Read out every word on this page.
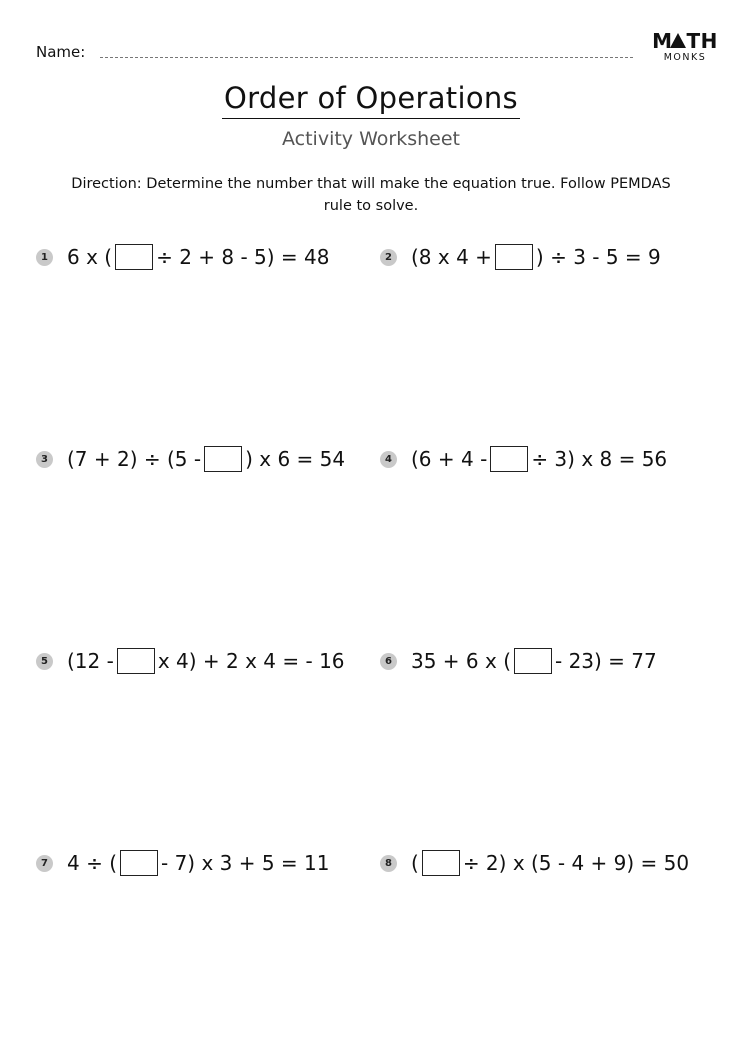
Name:	M TH
MONKS
Order of Operations
Activity Worksheet
Direction: Determine the number that will make the equation true. Follow PEMDAS rule to solve.
1 6 x ( ÷ 2 + 8 - 5) = 48	2 (8 x 4 + ) ÷ 3 - 5 = 9
3 (7 + 2) ÷ (5 - ) x 6 = 54	4 (6 + 4 - ÷ 3) x 8 = 56
5 (12 - x 4) + 2 x 4 = - 16	6 35 + 6 x ( - 23) = 77
7 4 ÷ ( - 7) x 3 + 5 = 11	8 ( ÷ 2) x (5 - 4 + 9) = 50
